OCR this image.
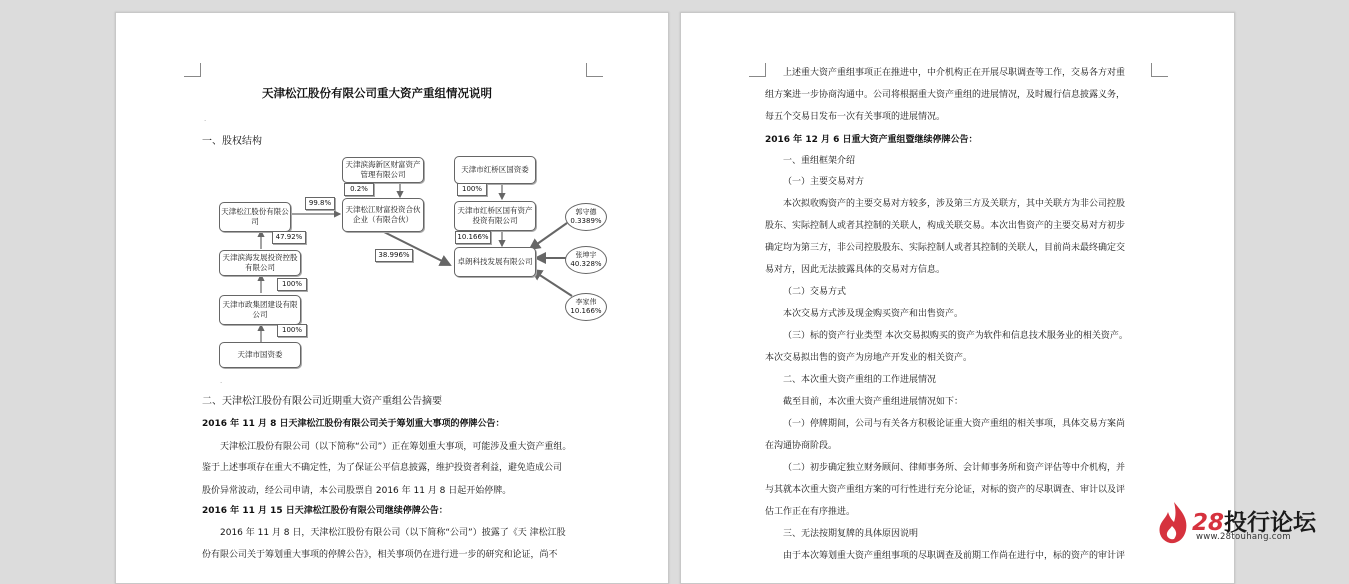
天津松江股份有限公司重大资产重组情况说明
.
一、股权结构
天津松江股份有限公司
天津滨海新区财富资产管理有限公司
天津松江财富投资合伙企业（有限合伙）
天津市红桥区国资委
天津市红桥区国有资产投资有限公司
天津滨海发展投资控股有限公司
卓朗科技发展有限公司
天津市政集团建设有限公司
天津市国资委
郭守德 0.3389%
张坤宇 40.328%
李家伟 10.166%
99.8%
0.2%	100%
47.92%	10.166%
38.996%
100%
100%
.
二、天津松江股份有限公司近期重大资产重组公告摘要
2016 年 11 月 8 日天津松江股份有限公司关于筹划重大事项的停牌公告：
天津松江股份有限公司（以下简称“公司”）正在筹划重大事项，可能涉及重大资产重组。
鉴于上述事项存在重大不确定性，为了保证公平信息披露，维护投资者利益，避免造成公司
股价异常波动，经公司申请，本公司股票自 2016 年 11 月 8 日起开始停牌。
2016 年 11 月 15 日天津松江股份有限公司继续停牌公告：
2016 年 11 月 8 日，天津松江股份有限公司（以下简称“公司”）披露了《天 津松江股
份有限公司关于筹划重大事项的停牌公告》，相关事项仍在进行进一步的研究和论证，尚不
上述重大资产重组事项正在推进中，中介机构正在开展尽职调查等工作，交易各方对重
组方案进一步协商沟通中。公司将根据重大资产重组的进展情况，及时履行信息披露义务，
每五个交易日发布一次有关事项的进展情况。
2016 年 12 月 6 日重大资产重组暨继续停牌公告：
一、重组框架介绍
（一）主要交易对方
本次拟收购资产的主要交易对方较多，涉及第三方及关联方，其中关联方为非公司控股
股东、实际控制人或者其控制的关联人，构成关联交易。本次出售资产的主要交易对方初步
确定均为第三方，非公司控股股东、实际控制人或者其控制的关联人，目前尚未最终确定交
易对方，因此无法披露具体的交易对方信息。
（二）交易方式
本次交易方式涉及现金购买资产和出售资产。
（三）标的资产行业类型 本次交易拟购买的资产为软件和信息技术服务业的相关资产。
本次交易拟出售的资产为房地产开发业的相关资产。
二、本次重大资产重组的工作进展情况
截至目前，本次重大资产重组进展情况如下：
（一）停牌期间，公司与有关各方积极论证重大资产重组的相关事项，具体交易方案尚
在沟通协商阶段。
（二）初步确定独立财务顾问、律师事务所、会计师事务所和资产评估等中介机构，并
与其就本次重大资产重组方案的可行性进行充分论证，对标的资产的尽职调查、审计以及评
估工作正在有序推进。
三、无法按期复牌的具体原因说明
由于本次筹划重大资产重组事项的尽职调查及前期工作尚在进行中，标的资产的审计评
28投行论坛
www.28touhang.com
